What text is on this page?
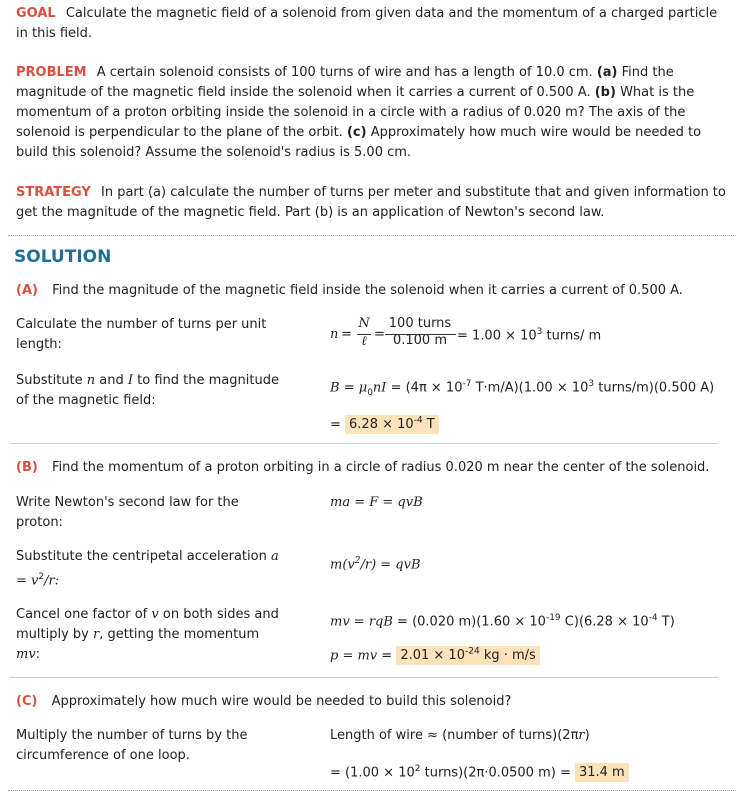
GOAL Calculate the magnetic field of a solenoid from given data and the momentum of a charged particle in this field.
PROBLEM A certain solenoid consists of 100 turns of wire and has a length of 10.0 cm. (a) Find the magnitude of the magnetic field inside the solenoid when it carries a current of 0.500 A. (b) What is the momentum of a proton orbiting inside the solenoid in a circle with a radius of 0.020 m? The axis of the solenoid is perpendicular to the plane of the orbit. (c) Approximately how much wire would be needed to build this solenoid? Assume the solenoid's radius is 5.00 cm.
STRATEGY In part (a) calculate the number of turns per meter and substitute that and given information to get the magnitude of the magnetic field. Part (b) is an application of Newton's second law.
SOLUTION
(A) Find the magnitude of the magnetic field inside the solenoid when it carries a current of 0.500 A.
Calculate the number of turns per unit length:
n =
N
ℓ =
100 turns
0.100 $m = 1.00 \times 10^3$ turns/ m
Substitute n and I to find the magnitude of the magnetic field:
$B = \mu_0nI = (4\pi \times 10^{-7}$ $T\cdot m/A)(1.00 \times 10^3$ turns/m)(0.500 A)
= $6.28 \times 10^{-4}$ T
(B) Find the momentum of a proton orbiting in a circle of radius 0.020 m near the center of the solenoid.
Write Newton's second law for the proton:
ma = F = qvB
Substitute the centripetal acceleration $a = v^2/r$:
$m(v^2/r)$ = qvB
Cancel one factor of v on both sides and multiply by r, getting the momentum mv:
mv = rqB = (0.020 $m)(1.60 \times 10^{-19}$ $C)(6.28 \times 10^{-4}$ T)
p = mv = $2.01 \times 10^{-24}$ kg · m/s
(C) Approximately how much wire would be needed to build this solenoid?
Multiply the number of turns by the circumference of one loop.
Length of wire ≈ (number of turns)(2πr)
= ($1.00 \times 10^2$ turns)(2π·0.0500 m) = 31.4 m
